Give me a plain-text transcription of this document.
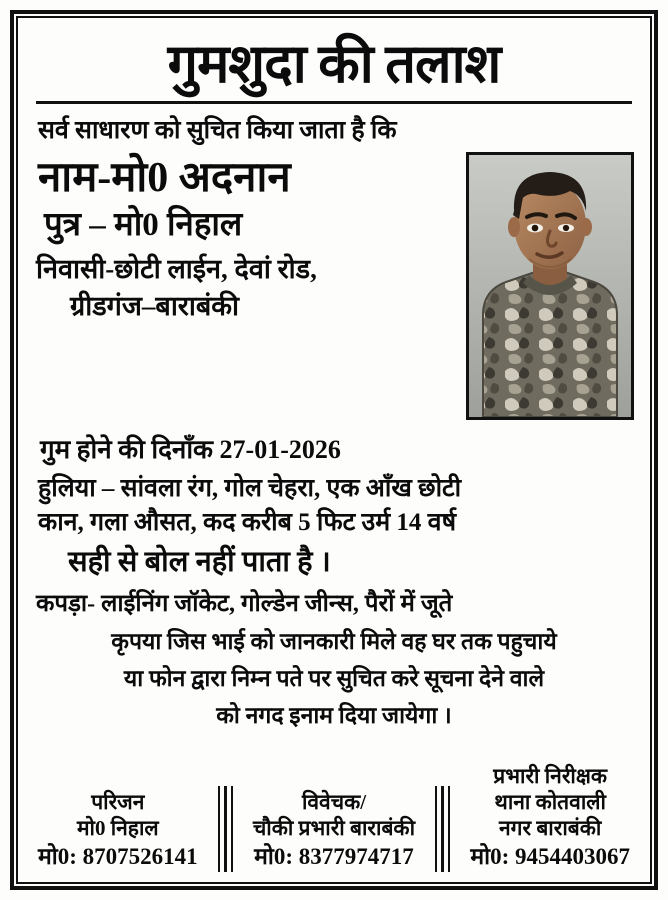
गुमशुदा की तलाश
सर्व साधारण को सुचित किया जाता है कि
नाम-मो0 अदनान
पुत्र – मो0 निहाल
निवासी-छोटी लाईन, देवां रोड,
ग्रीडगंज–बाराबंकी
गुम होने की दिनाँक 27-01-2026
हुलिया – सांवला रंग, गोल चेहरा, एक आँख छोटी
कान, गला औसत, कद करीब 5 फिट उर्म 14 वर्ष
सही से बोल नहीं पाता है ।
कपड़ा- लाईनिंग जॉकेट, गोल्डेन जीन्स, पैरों में जूते
कृपया जिस भाई को जानकारी मिले वह घर तक पहुचाये
या फोन द्वारा निम्न पते पर सुचित करे सूचना देने वाले
को नगद इनाम दिया जायेगा ।
परिजन
मो0 निहाल
मो0: 8707526141
विवेचक/
चौकी प्रभारी बाराबंकी
मो0: 8377974717
प्रभारी निरीक्षक
थाना कोतवाली
नगर बाराबंकी
मो0: 9454403067
